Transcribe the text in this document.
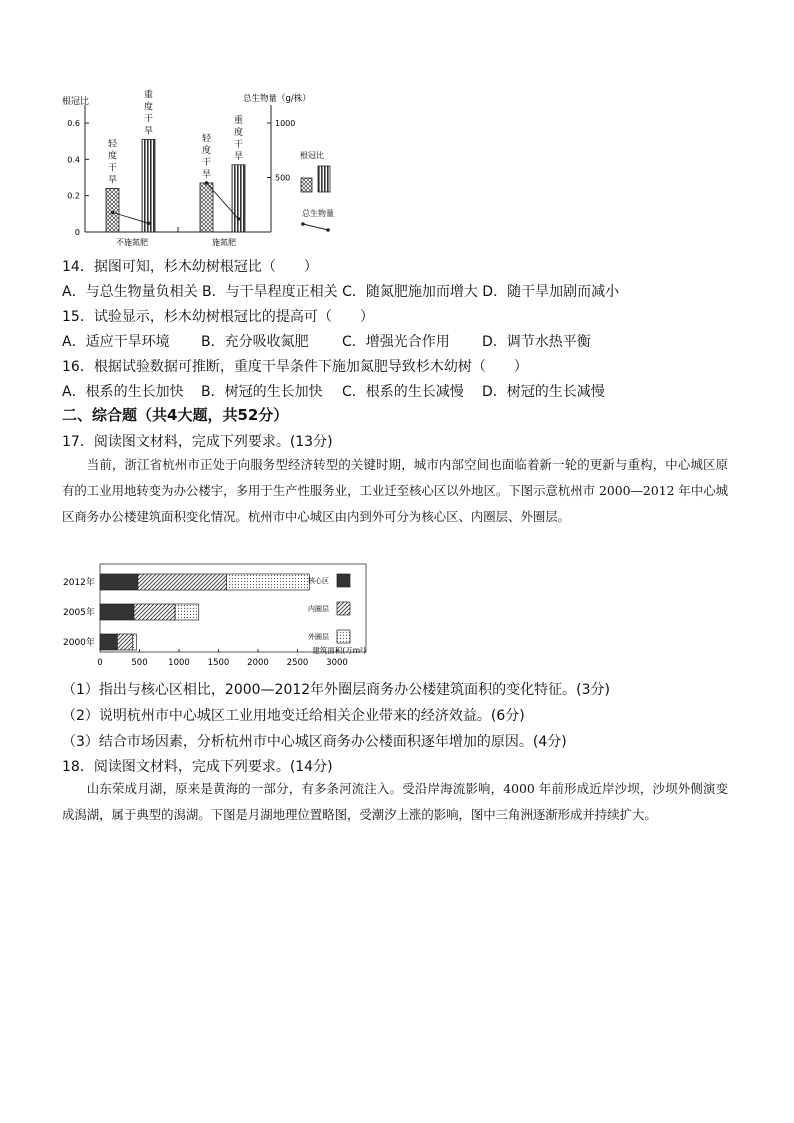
根冠比	总生物量（g/株）
0
0.2
0.4
0.6
500
1000
不施氮肥	施氮肥
轻
度
干
旱
重
度
干
旱
轻
度
干
旱
重
度
干
旱	根冠比
总生物量
14．据图可知，杉木幼树根冠比（　　）
A．与总生物量负相关 B．与干旱程度正相关 C．随氮肥施加而增大 D．随干旱加剧而减小
15．试验显示，杉木幼树根冠比的提高可（　　）
A．适应干旱环境 B．充分吸收氮肥 C．增强光合作用 D．调节水热平衡
16．根据试验数据可推断，重度干旱条件下施加氮肥导致杉木幼树（　　）
A．根系的生长加快 B．树冠的生长加快 C．根系的生长减慢 D．树冠的生长减慢
二、综合题（共4大题，共52分）
17．阅读图文材料，完成下列要求。(13分)
当前，浙江省杭州市正处于向服务型经济转型的关键时期，城市内部空间也面临着新一轮的更新与重构，中心城区原有的工业用地转变为办公楼宇，多用于生产性服务业，工业迁至核心区以外地区。下图示意杭州市 2000—2012 年中心城区商务办公楼建筑面积变化情况。杭州市中心城区由内到外可分为核心区、内圈层、外圈层。
0	500 1000 1500 2000 2500 3000
建筑面积(万m²)
2012年
2005年
2000年
核心区
内圈层
外圈层
（1）指出与核心区相比，2000—2012年外圈层商务办公楼建筑面积的变化特征。(3分)
（2）说明杭州市中心城区工业用地变迁给相关企业带来的经济效益。(6分)
（3）结合市场因素，分析杭州市中心城区商务办公楼面积逐年增加的原因。(4分)
18．阅读图文材料，完成下列要求。(14分)
山东荣成月湖，原来是黄海的一部分，有多条河流注入。受沿岸海流影响，4000 年前形成近岸沙坝，沙坝外侧演变成潟湖，属于典型的潟湖。下图是月湖地理位置略图，受潮汐上涨的影响，图中三角洲逐渐形成并持续扩大。
